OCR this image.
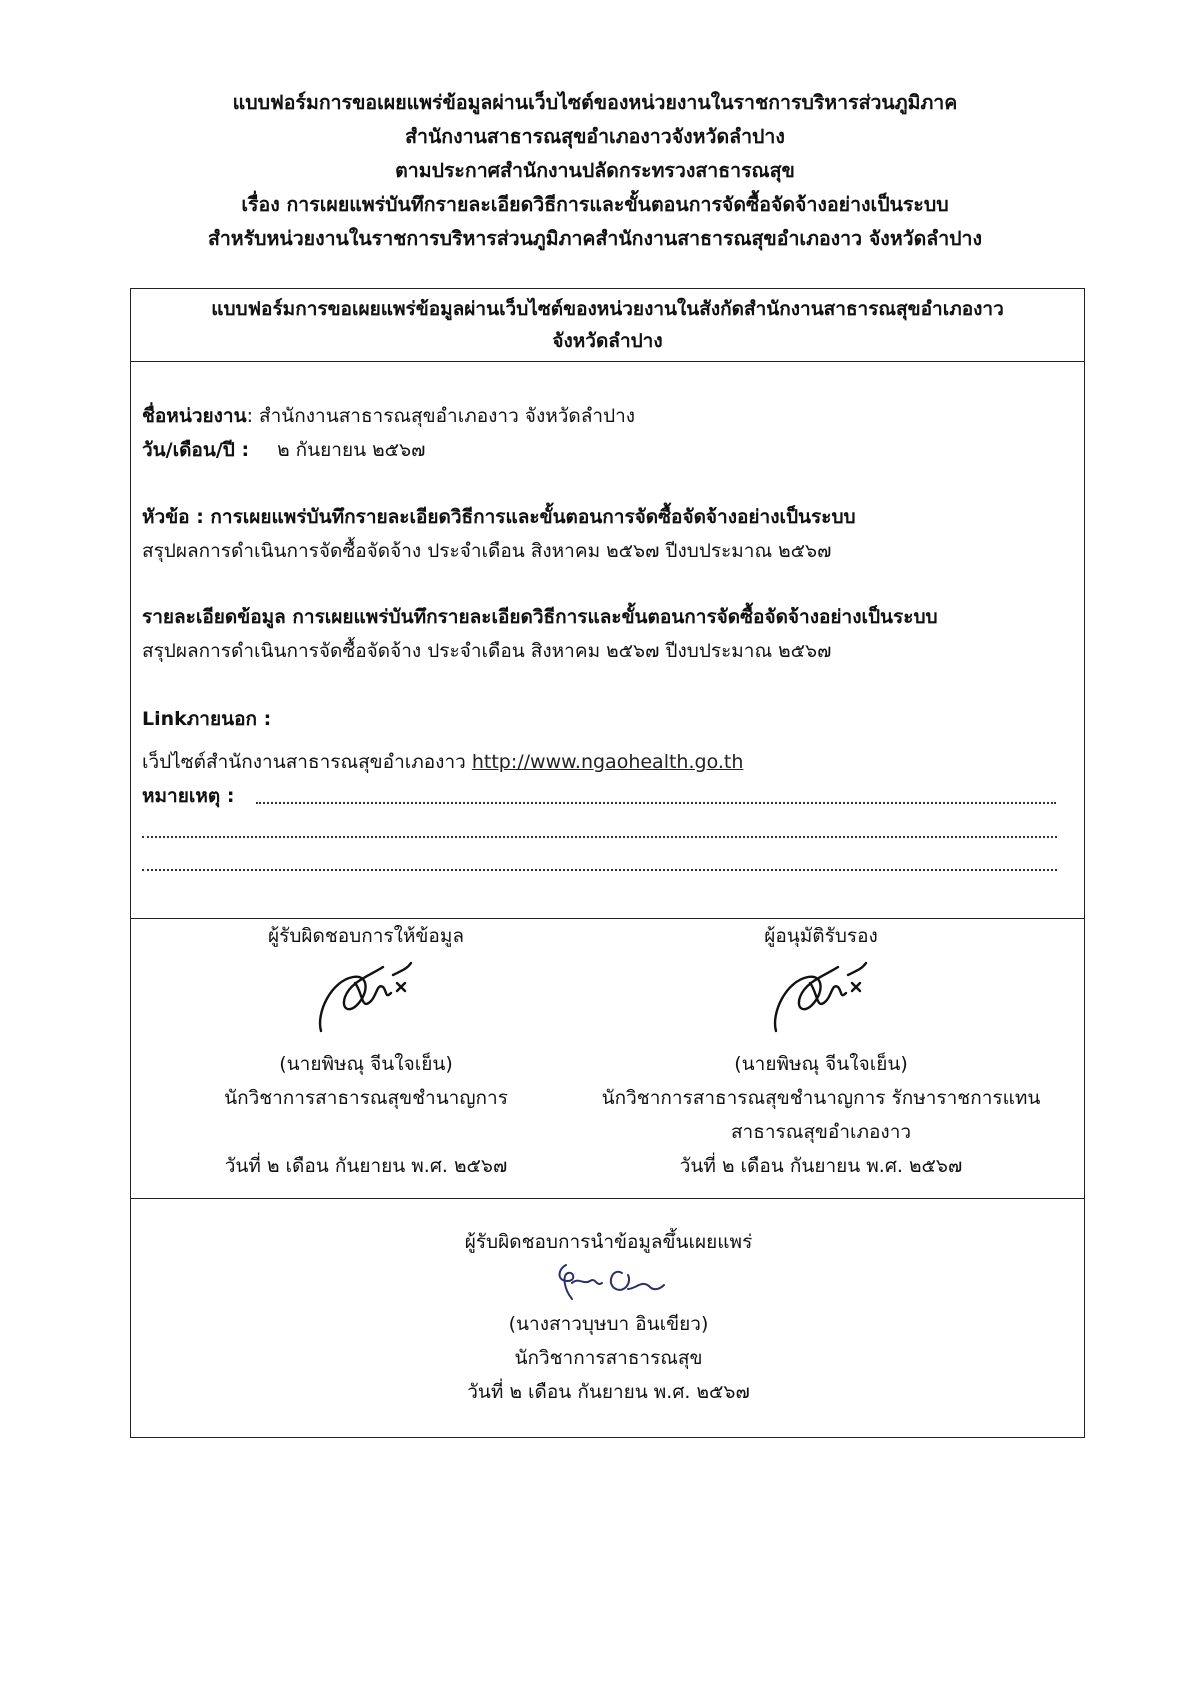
แบบฟอร์มการขอเผยแพร่ข้อมูลผ่านเว็บไซต์ของหน่วยงานในราชการบริหารส่วนภูมิภาค
สำนักงานสาธารณสุขอำเภองาวจังหวัดลำปาง
ตามประกาศสำนักงานปลัดกระทรวงสาธารณสุข
เรื่อง การเผยแพร่บันทึกรายละเอียดวิธีการและขั้นตอนการจัดซื้อจัดจ้างอย่างเป็นระบบ
สำหรับหน่วยงานในราชการบริหารส่วนภูมิภาคสำนักงานสาธารณสุขอำเภองาว จังหวัดลำปาง
แบบฟอร์มการขอเผยแพร่ข้อมูลผ่านเว็บไซต์ของหน่วยงานในสังกัดสำนักงานสาธารณสุขอำเภองาว
จังหวัดลำปาง
ชื่อหน่วยงาน: สำนักงานสาธารณสุขอำเภองาว จังหวัดลำปาง
วัน/เดือน/ปี : ๒ กันยายน ๒๕๖๗
หัวข้อ : การเผยแพร่บันทึกรายละเอียดวิธีการและขั้นตอนการจัดซื้อจัดจ้างอย่างเป็นระบบ
สรุปผลการดำเนินการจัดซื้อจัดจ้าง ประจำเดือน สิงหาคม ๒๕๖๗ ปีงบประมาณ ๒๕๖๗
รายละเอียดข้อมูล การเผยแพร่บันทึกรายละเอียดวิธีการและขั้นตอนการจัดซื้อจัดจ้างอย่างเป็นระบบ
สรุปผลการดำเนินการจัดซื้อจัดจ้าง ประจำเดือน สิงหาคม ๒๕๖๗ ปีงบประมาณ ๒๕๖๗
Linkภายนอก :
เว็ปไซต์สำนักงานสาธารณสุขอำเภองาว http://www.ngaohealth.go.th
หมายเหตุ :
ผู้รับผิดชอบการให้ข้อมูล
(นายพิษณุ จีนใจเย็น)
นักวิชาการสาธารณสุขชำนาญการ
วันที่ ๒ เดือน กันยายน พ.ศ. ๒๕๖๗
ผู้อนุมัติรับรอง
(นายพิษณุ จีนใจเย็น)
นักวิชาการสาธารณสุขชำนาญการ รักษาราชการแทน
สาธารณสุขอำเภองาว
วันที่ ๒ เดือน กันยายน พ.ศ. ๒๕๖๗
ผู้รับผิดชอบการนำข้อมูลขึ้นเผยแพร่
(นางสาวบุษบา อินเขียว)
นักวิชาการสาธารณสุข
วันที่ ๒ เดือน กันยายน พ.ศ. ๒๕๖๗
